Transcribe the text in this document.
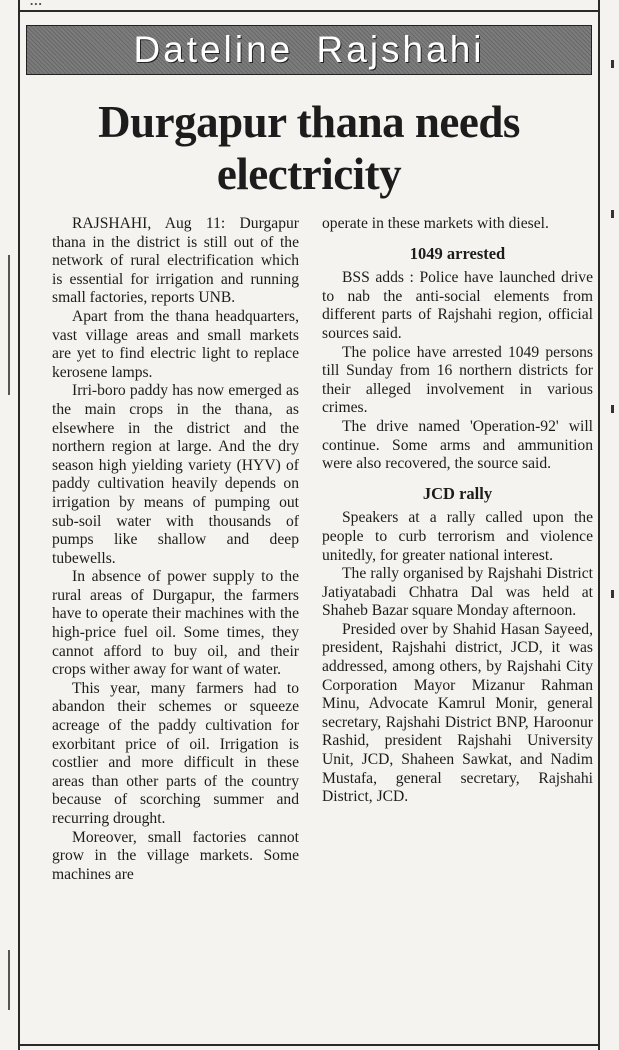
...
Dateline Rajshahi
Durgapur thana needs electricity

RAJSHAHI, Aug 11: Durgapur thana in the district is still out of the network of rural electrification which is essential for irrigation and running small factories, reports UNB.

Apart from the thana headquarters, vast village areas and small markets are yet to find electric light to replace kerosene lamps.

Irri-boro paddy has now emerged as the main crops in the thana, as elsewhere in the district and the northern region at large. And the dry season high yielding variety (HYV) of paddy cultivation heavily depends on irrigation by means of pumping out sub-soil water with thousands of pumps like shallow and deep tubewells.

In absence of power supply to the rural areas of Durgapur, the farmers have to operate their machines with the high-price fuel oil. Some times, they cannot afford to buy oil, and their crops wither away for want of water.

This year, many farmers had to abandon their schemes or squeeze acreage of the paddy cultivation for exorbitant price of oil. Irrigation is costlier and more difficult in these areas than other parts of the country because of scorching summer and recurring drought.

Moreover, small factories cannot grow in the village markets. Some machines are

operate in these markets with diesel.

1049 arrested

BSS adds : Police have launched drive to nab the anti-social elements from different parts of Rajshahi region, official sources said.

The police have arrested 1049 persons till Sunday from 16 northern districts for their alleged involvement in various crimes.

The drive named 'Operation-92' will continue. Some arms and ammunition were also recovered, the source said.

JCD rally

Speakers at a rally called upon the people to curb terrorism and violence unitedly, for greater national interest.

The rally organised by Rajshahi District Jatiyatabadi Chhatra Dal was held at Shaheb Bazar square Monday afternoon.

Presided over by Shahid Hasan Sayeed, president, Rajshahi district, JCD, it was addressed, among others, by Rajshahi City Corporation Mayor Mizanur Rahman Minu, Advocate Kamrul Monir, general secretary, Rajshahi District BNP, Haroonur Rashid, president Rajshahi University Unit, JCD, Shaheen Sawkat, and Nadim Mustafa, general secretary, Rajshahi District, JCD.
